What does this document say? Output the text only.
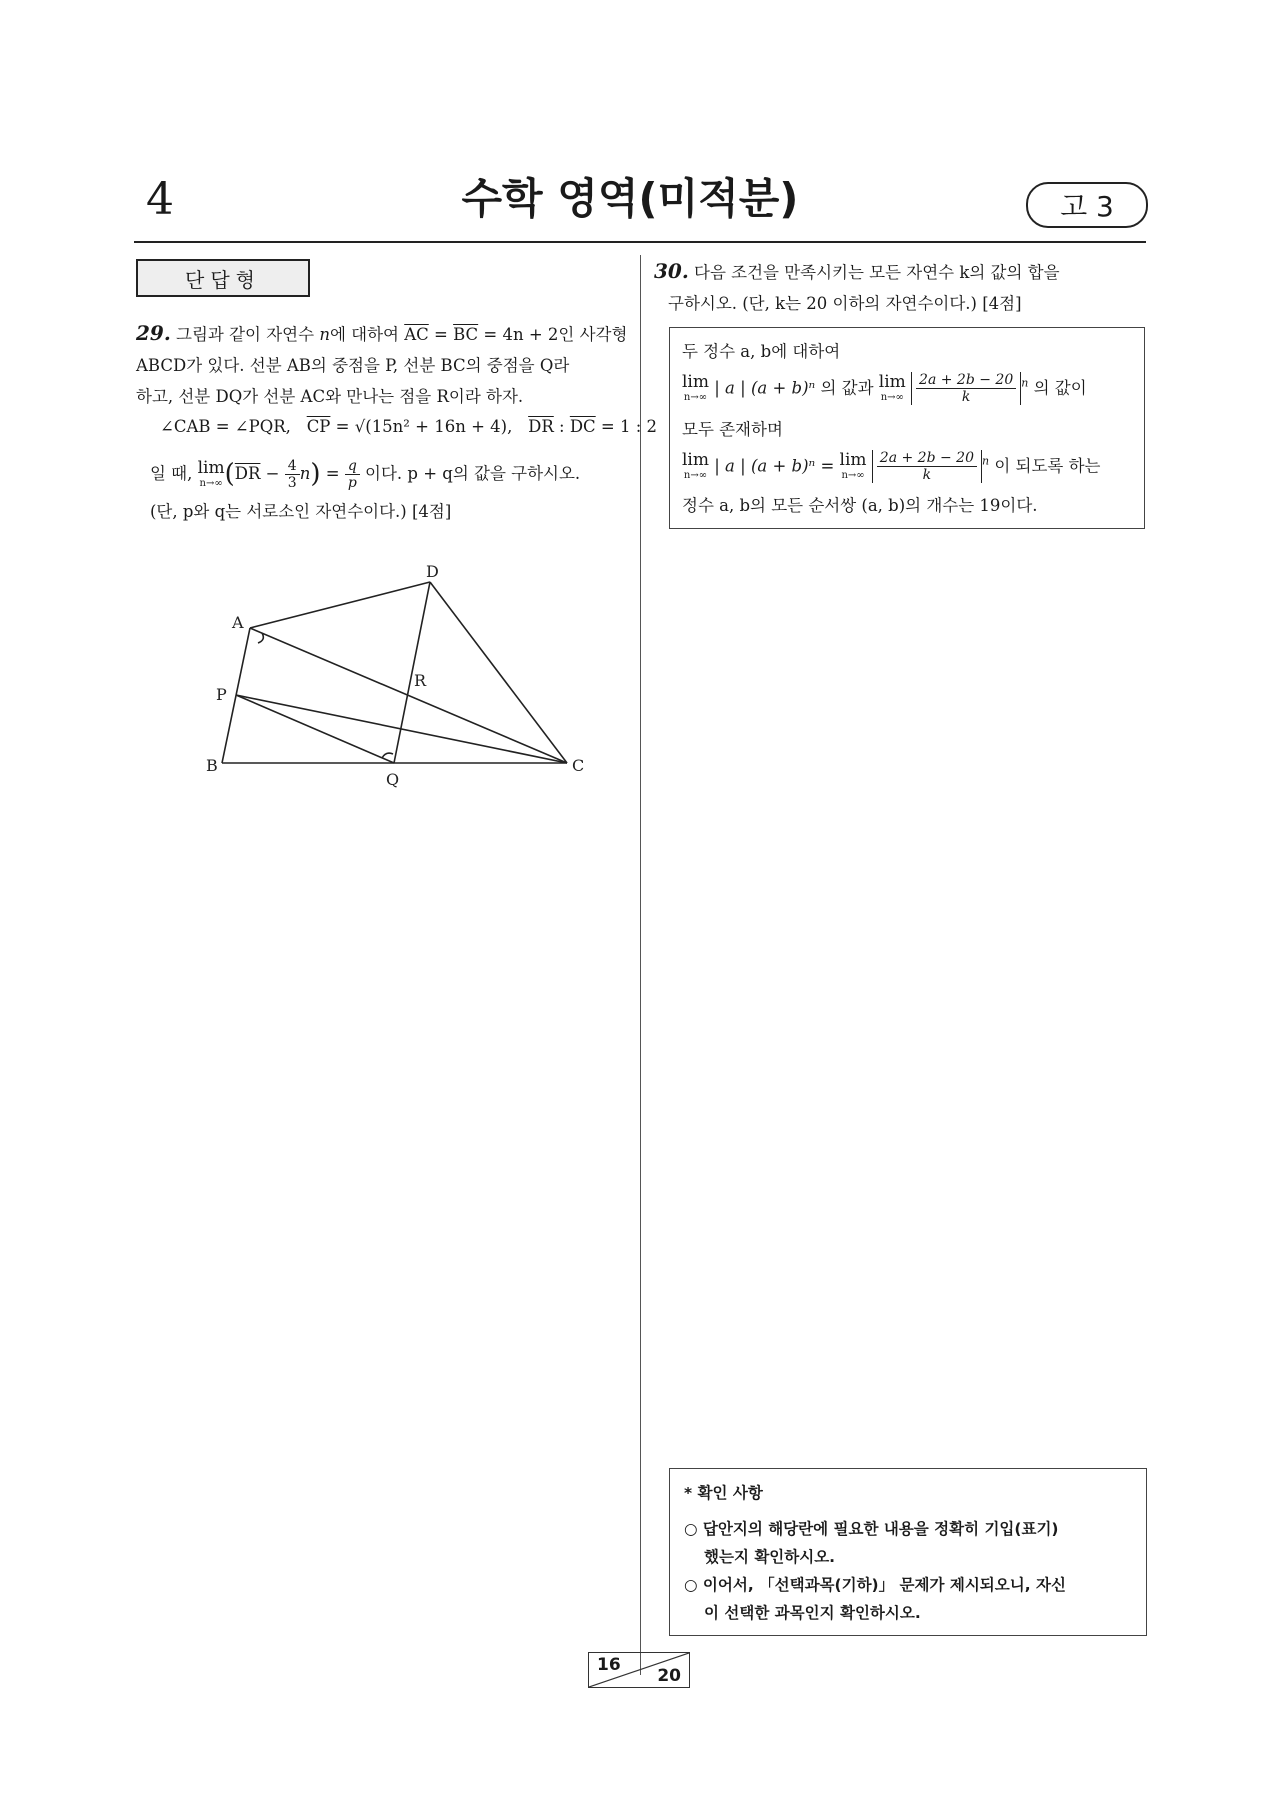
4	수학 영역(미적분)	고 3
단답형
29. 그림과 같이 자연수 n에 대하여 $\overline{AC} = \overline{BC} = 4n + 2$인 사각형
ABCD가 있다. 선분 AB의 중점을 P, 선분 BC의 중점을 Q라
하고, 선분 DQ가 선분 AC와 만나는 점을 R이라 하자.
∠CAB = ∠PQR, $\overline{CP} = √(15n^2 + 16n + 4)$, $\overline{DR}$ : $\overline{DC} = 1$ : 2
일 때, lim
n→∞ $(\overline{DR} - \frac{4}{3} n) = \frac{q}{p}$ 이다. p + q의 값을 구하시오.
(단, p와 q는 서로소인 자연수이다.) [4점]
A
B	C
D
P
Q
R
30. 다음 조건을 만족시키는 모든 자연수 k의 값의 합을
구하시오. (단, k는 20 이하의 자연수이다.) [4점]
두 정수 a, b에 대하여
lim
n→∞
| a | (a + b)ⁿ 의 값과 lim
n→∞
$\frac{2a + 2b - 20}{k} ^n$ 의 값이
모두 존재하며
lim
n→∞
| a | (a + b)ⁿ = lim
n→∞
$\frac{2a + 2b - 20}{k} ^n$ 이 되도록 하는
정수 a, b의 모든 순서쌍 (a, b)의 개수는 19이다.
* 확인 사항
○ 답안지의 해당란에 필요한 내용을 정확히 기입(표기)
했는지 확인하시오.
○ 이어서, 「선택과목(기하)」 문제가 제시되오니, 자신
이 선택한 과목인지 확인하시오.
16
20
